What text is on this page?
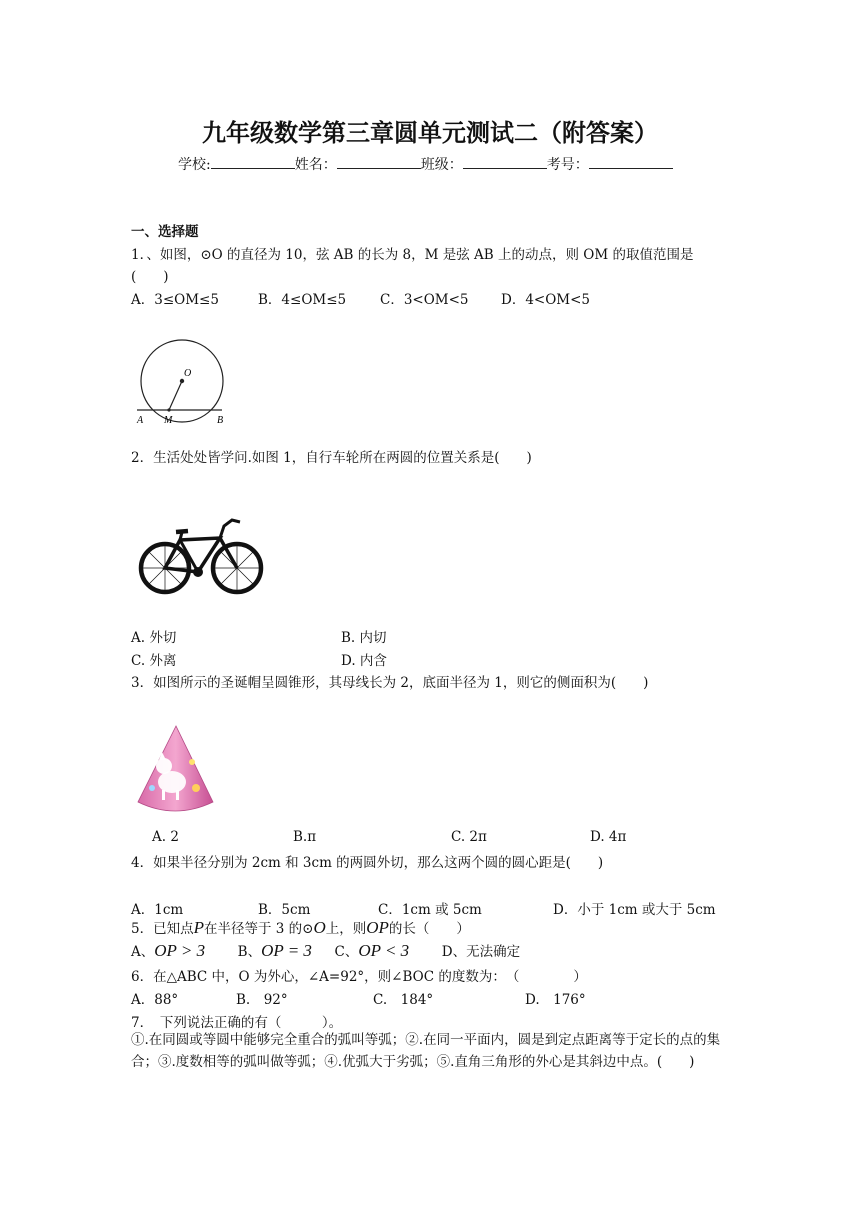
九年级数学第三章圆单元测试二（附答案）
学校:	姓名：	班级：	考号：
一、选择题
1．、如图，⊙O 的直径为 10，弦 AB 的长为 8，M 是弦 AB 上的动点，则 OM 的取值范围是
(　　)
A．3≤OM≤5	B．4≤OM≤5	C．3<OM<5 D．4<OM<5
O
A M	B
2．生活处处皆学问.如图 1，自行车轮所在两圆的位置关系是(　　)
A. 外切	B. 内切
C. 外离	D. 内含
3．如图所示的圣诞帽呈圆锥形，其母线长为 2，底面半径为 1，则它的侧面积为(　　)
A. 2	B.π	C. 2π	D. 4π
4．如果半径分别为 2cm 和 3cm 的两圆外切，那么这两个圆的圆心距是(　　)
A．1cm	B．5cm	C．1cm 或 5cm	D．小于 1cm 或大于 5cm
5．已知点P在半径等于 3 的⊙O上，则OP的长（　　）
A、OP > 3 B、OP = 3 C、OP < 3 D、无法确定
6．在△ABC 中，O 为外心，∠A=92°，则∠BOC 的度数为：　（　　　　）
A．88°	B.　92°	C.　184°	D.　176°
7．　下列说法正确的有（　　　）。
①.在同圆或等圆中能够完全重合的弧叫等弧；②.在同一平面内，圆是到定点距离等于定长的点的集合；③.度数相等的弧叫做等弧；④.优弧大于劣弧；⑤.直角三角形的外心是其斜边中点。(　　)
